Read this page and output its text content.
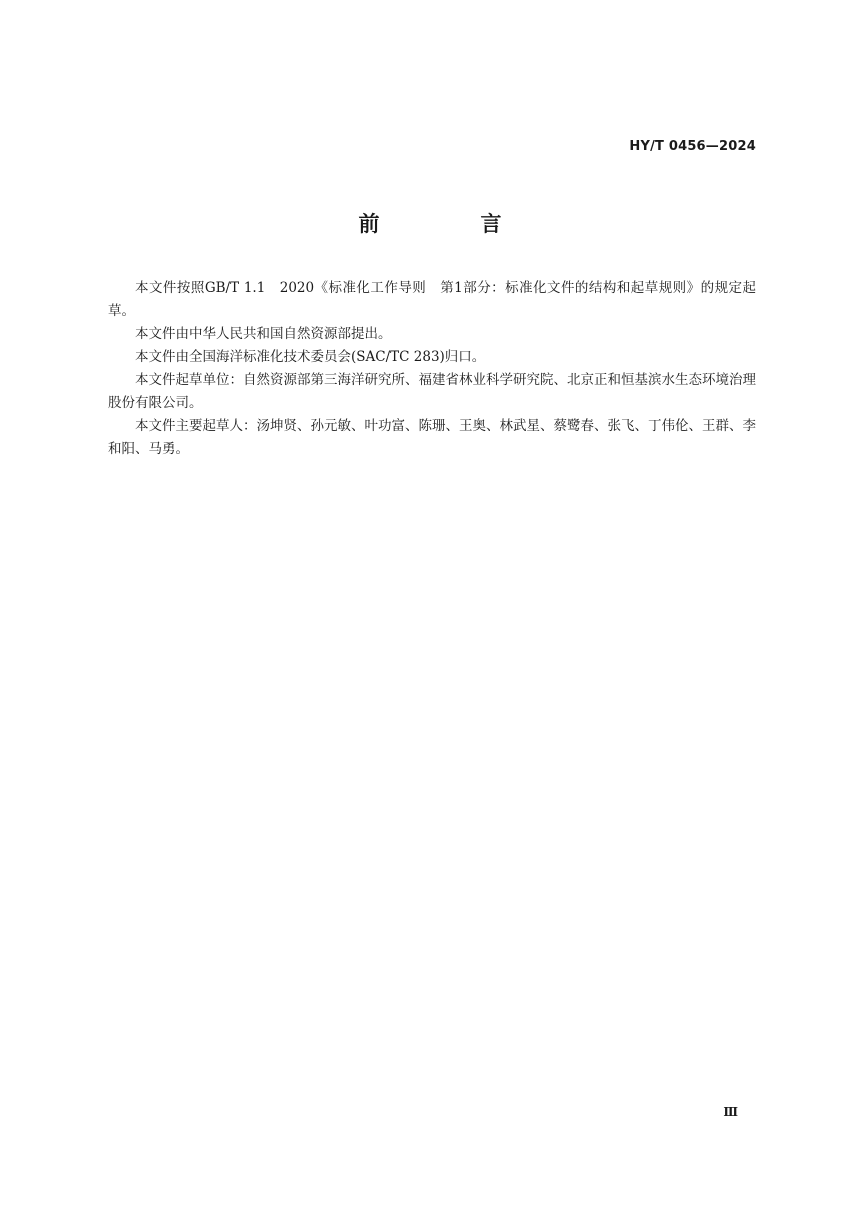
HY/T 0456—2024
前　言

本文件按照GB/T 1.1　2020《标准化工作导则　第1部分：标准化文件的结构和起草规则》的规定起草。

本文件由中华人民共和国自然资源部提出。

本文件由全国海洋标准化技术委员会(SAC/TC 283)归口。

本文件起草单位：自然资源部第三海洋研究所、福建省林业科学研究院、北京正和恒基滨水生态环境治理股份有限公司。

本文件主要起草人：汤坤贤、孙元敏、叶功富、陈珊、王奥、林武星、蔡鹭春、张飞、丁伟伦、王群、李和阳、马勇。

Ⅲ
